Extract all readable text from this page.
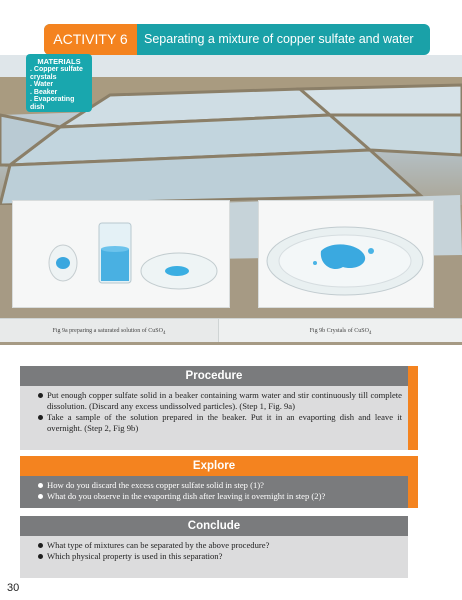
ACTIVITY 6	Separating a mixture of copper sulfate and water
MATERIALS
. Copper sulfate
crystals
. Water
. Beaker
. Evaporating dish
Fig 9a preparing a saturated solution of CuSO$_4$	Fig 9b Crystals of CuSO$_4$
Procedure
Put enough copper sulfate solid in a beaker containing warm water and stir continuously till complete dissolution. (Discard any excess undissolved particles). (Step 1, Fig. 9a)
Take a sample of the solution prepared in the beaker. Put it in an evaporting dish and leave it overnight. (Step 2, Fig 9b)
Explore
How do you discard the excess copper sulfate solid in step (1)?
What do you observe in the evaporting dish after leaving it overnight in step (2)?
Conclude
What type of mixtures can be separated by the above procedure?
Which physical property is used in this separation?
30
